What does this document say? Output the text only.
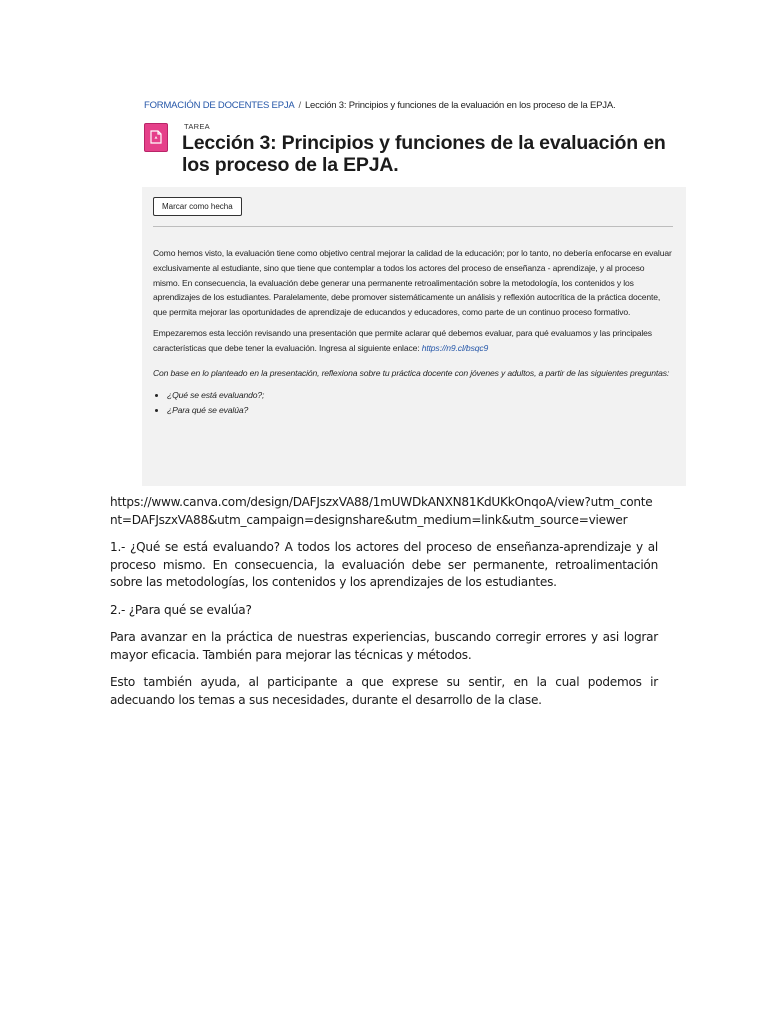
FORMACIÓN DE DOCENTES EPJA / Lección 3: Principios y funciones de la evaluación en los proceso de la EPJA.
TAREA
Lección 3: Principios y funciones de la evaluación en los proceso de la EPJA.
Marcar como hecha

Como hemos visto, la evaluación tiene como objetivo central mejorar la calidad de la educación; por lo tanto, no debería enfocarse en evaluar exclusivamente al estudiante, sino que tiene que contemplar a todos los actores del proceso de enseñanza - aprendizaje, y al proceso mismo. En consecuencia, la evaluación debe generar una permanente retroalimentación sobre la metodología, los contenidos y los aprendizajes de los estudiantes. Paralelamente, debe promover sistemáticamente un análisis y reflexión autocrítica de la práctica docente, que permita mejorar las oportunidades de aprendizaje de educandos y educadores, como parte de un continuo proceso formativo.

Empezaremos esta lección revisando una presentación que permite aclarar qué debemos evaluar, para qué evaluamos y las principales características que debe tener la evaluación. Ingresa al siguiente enlace: https://n9.cl/bsqc9

Con base en lo planteado en la presentación, reflexiona sobre tu práctica docente con jóvenes y adultos, a partir de las siguientes preguntas:

• ¿Qué se está evaluando?;
• ¿Para qué se evalúa?

https://www.canva.com/design/DAFJszxVA88/1mUWDkANXN81KdUKkOnqoA/view?utm_content=DAFJszxVA88&utm_campaign=designshare&utm_medium=link&utm_source=viewer

1.- ¿Qué se está evaluando? A todos los actores del proceso de enseñanza-aprendizaje y al proceso mismo. En consecuencia, la evaluación debe ser permanente, retroalimentación sobre las metodologías, los contenidos y los aprendizajes de los estudiantes.

2.- ¿Para qué se evalúa?

Para avanzar en la práctica de nuestras experiencias, buscando corregir errores y asi lograr mayor eficacia. También para mejorar las técnicas y métodos.

Esto también ayuda, al participante a que exprese su sentir, en la cual podemos ir adecuando los temas a sus necesidades, durante el desarrollo de la clase.
